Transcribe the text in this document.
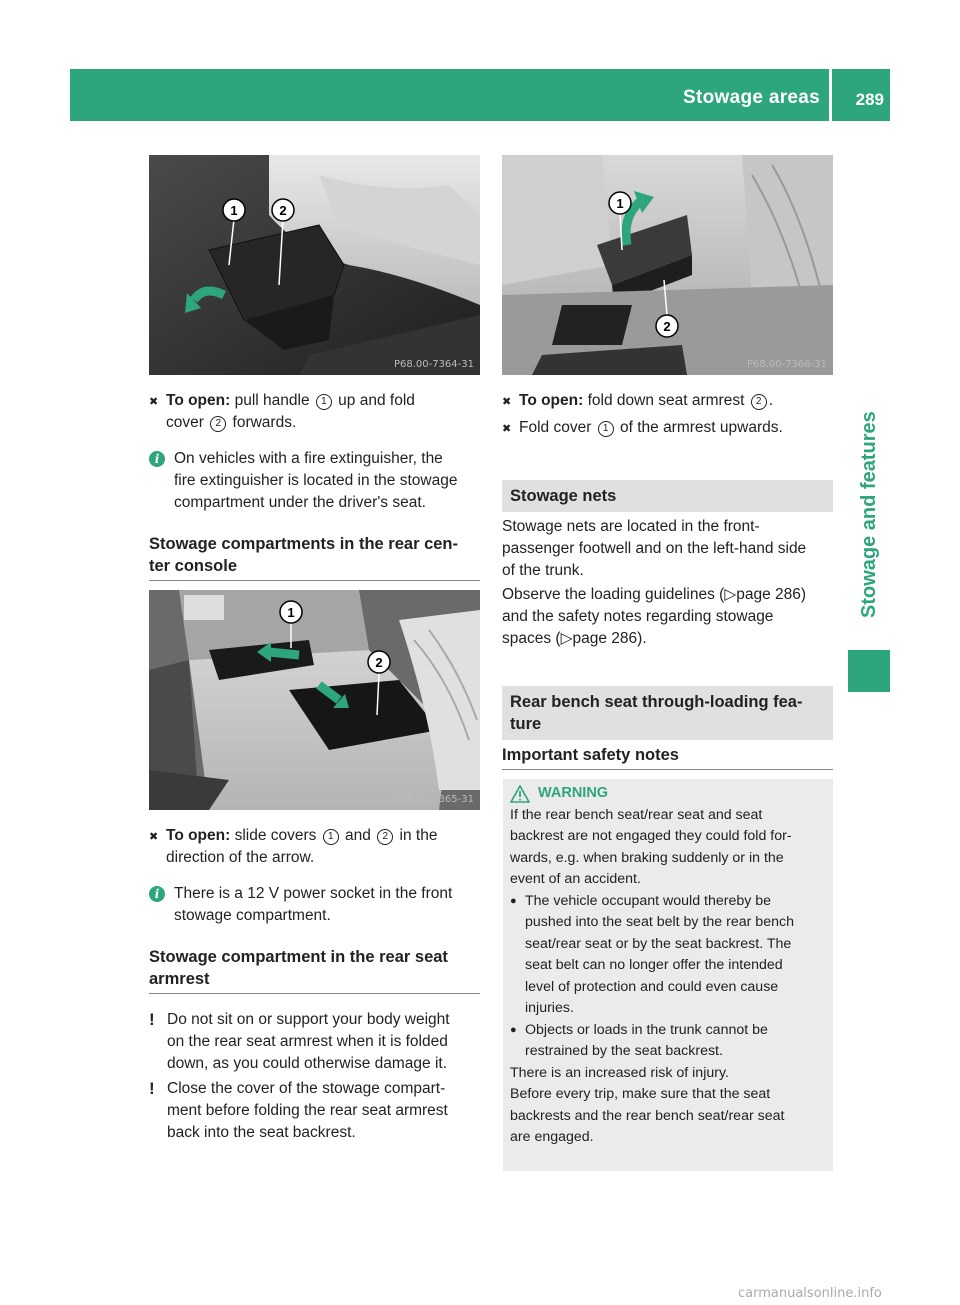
Stowage areas 289
Stowage and features
1	2
P68.00-7364-31
1
2
P68.00-7366-31
✖ To open: pull handle 1 up and fold
cover 2 forwards.
i On vehicles with a fire extinguisher, the
fire extinguisher is located in the stowage
compartment under the driver's seat.
Stowage compartments in the rear cen-
ter console
1
2
P68.00-7365-31
✖ To open: slide covers 1 and 2 in the
direction of the arrow.
i There is a 12 V power socket in the front
stowage compartment.
Stowage compartment in the rear seat
armrest
! Do not sit on or support your body weight
on the rear seat armrest when it is folded
down, as you could otherwise damage it.
! Close the cover of the stowage compart-
ment before folding the rear seat armrest
back into the seat backrest.
✖ To open: fold down seat armrest 2 .
✖ Fold cover 1 of the armrest upwards.
Stowage nets
Stowage nets are located in the front-
passenger footwell and on the left-hand side
of the trunk.
Observe the loading guidelines (▷page 286)
and the safety notes regarding stowage
spaces (▷page 286).
Rear bench seat through-loading fea-
ture
Important safety notes
WARNING
If the rear bench seat/rear seat and seat
backrest are not engaged they could fold for-
wards, e.g. when braking suddenly or in the
event of an accident.
● The vehicle occupant would thereby be
pushed into the seat belt by the rear bench
seat/rear seat or by the seat backrest. The
seat belt can no longer offer the intended
level of protection and could even cause
injuries.
● Objects or loads in the trunk cannot be
restrained by the seat backrest.
There is an increased risk of injury.
Before every trip, make sure that the seat
backrests and the rear bench seat/rear seat
are engaged.
carmanualsonline.info
